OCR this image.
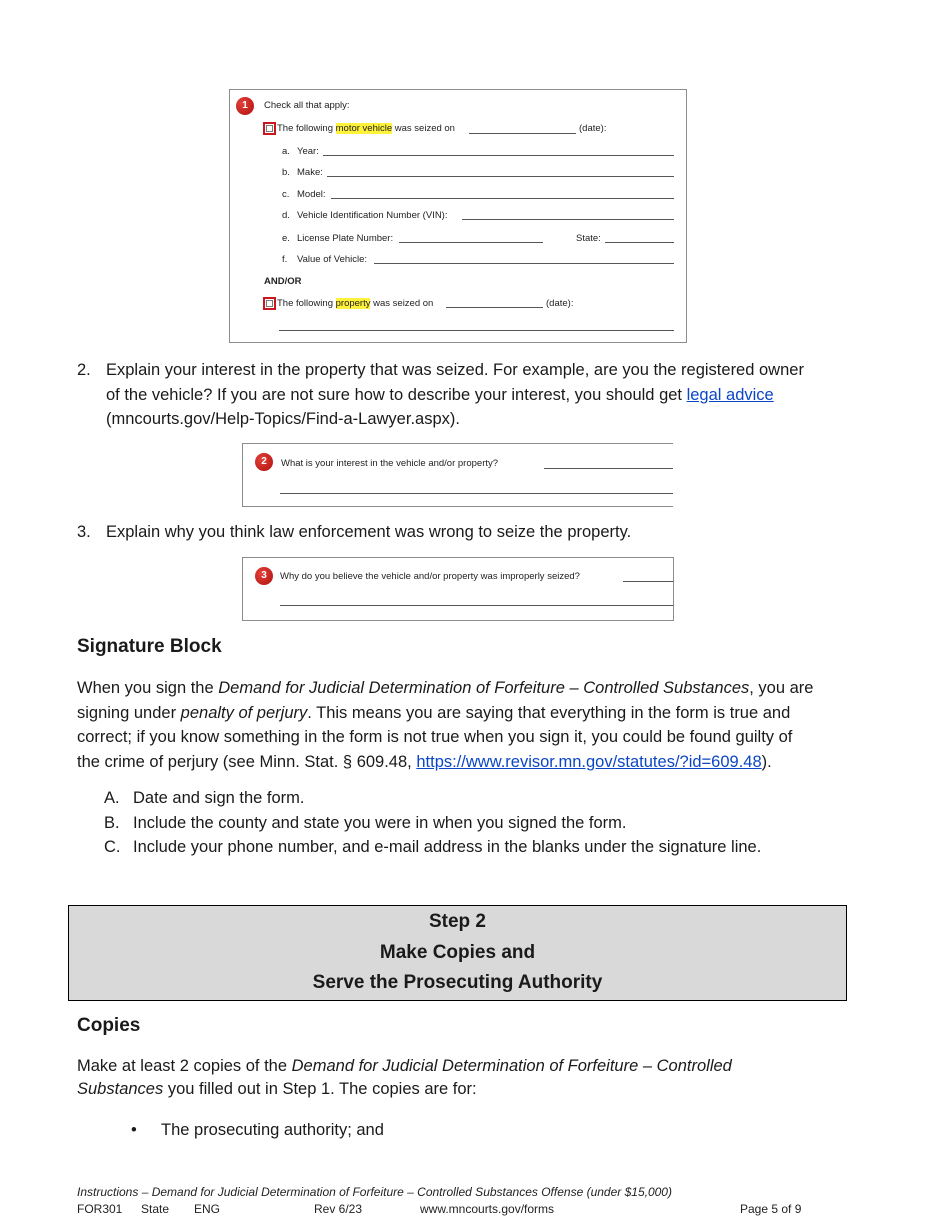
1	Check all that apply:
The following motor vehicle was seized on	(date):
a. Year:
b. Make:
c. Model:
d. Vehicle Identification Number (VIN):
e. License Plate Number:	State:
f. Value of Vehicle:
AND/OR
The following property was seized on	(date):
2. Explain your interest in the property that was seized. For example, are you the registered owner
of the vehicle? If you are not sure how to describe your interest, you should get legal advice
(mncourts.gov/Help-Topics/Find-a-Lawyer.aspx).
2	What is your interest in the vehicle and/or property?
3. Explain why you think law enforcement was wrong to seize the property.
3	Why do you believe the vehicle and/or property was improperly seized?
Signature Block
When you sign the Demand for Judicial Determination of Forfeiture – Controlled Substances, you are
signing under penalty of perjury. This means you are saying that everything in the form is true and
correct; if you know something in the form is not true when you sign it, you could be found guilty of
the crime of perjury (see Minn. Stat. § 609.48, https://www.revisor.mn.gov/statutes/?id=609.48).
A. Date and sign the form.
B. Include the county and state you were in when you signed the form.
C. Include your phone number, and e-mail address in the blanks under the signature line.
Step 2
Make Copies and
Serve the Prosecuting Authority
Copies
Make at least 2 copies of the Demand for Judicial Determination of Forfeiture – Controlled
Substances you filled out in Step 1. The copies are for:
• The prosecuting authority; and
Instructions – Demand for Judicial Determination of Forfeiture – Controlled Substances Offense (under $15,000)
FOR301 State ENG	Rev 6/23	www.mncourts.gov/forms	Page 5 of 9
